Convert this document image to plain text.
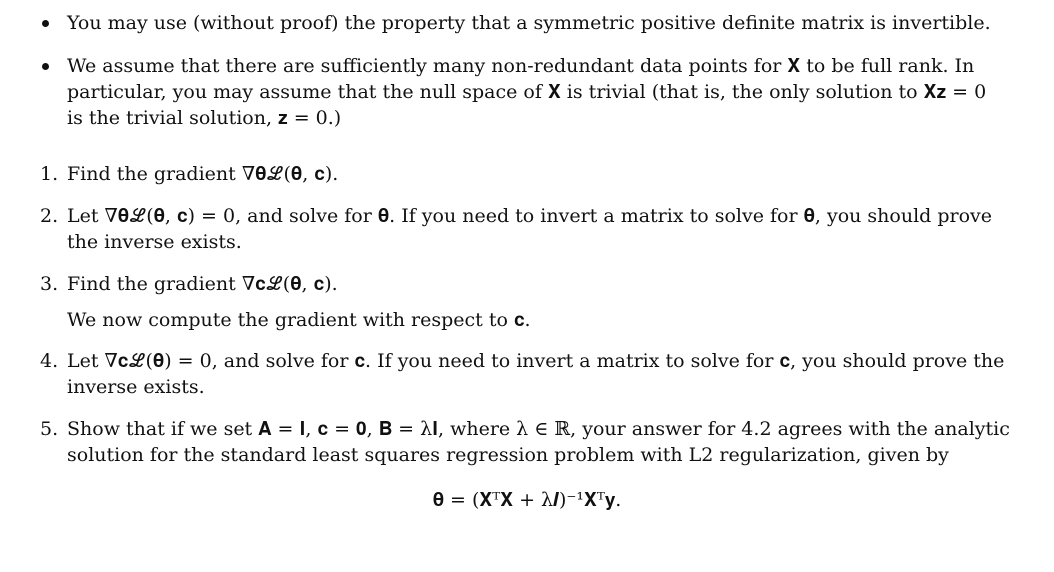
You may use (without proof) the property that a symmetric positive definite matrix is invertible.
We assume that there are sufficiently many non-redundant data points for 𝐗 to be full rank. In
particular, you may assume that the null space of 𝐗 is trivial (that is, the only solution to 𝐗𝐳 = 0
is the trivial solution, 𝐳 = 0.)
1. Find the gradient ∇𝛉ℒ(𝛉, 𝐜).
2. Let ∇𝛉ℒ(𝛉, 𝐜) = 0, and solve for 𝛉. If you need to invert a matrix to solve for 𝛉, you should prove
the inverse exists.
3. Find the gradient ∇𝐜ℒ(𝛉, 𝐜).
We now compute the gradient with respect to 𝐜.
4. Let ∇𝐜ℒ(𝛉) = 0, and solve for 𝐜. If you need to invert a matrix to solve for 𝐜, you should prove the
inverse exists.
5. Show that if we set 𝐀 = 𝐈, 𝐜 = 𝟎, 𝐁 = λ𝐈, where λ ∈ ℝ, your answer for 4.2 agrees with the analytic
solution for the standard least squares regression problem with L2 regularization, given by
𝛉 = (𝐗ᵀ𝐗 + λ𝑰)⁻¹𝐗ᵀ𝐲.
